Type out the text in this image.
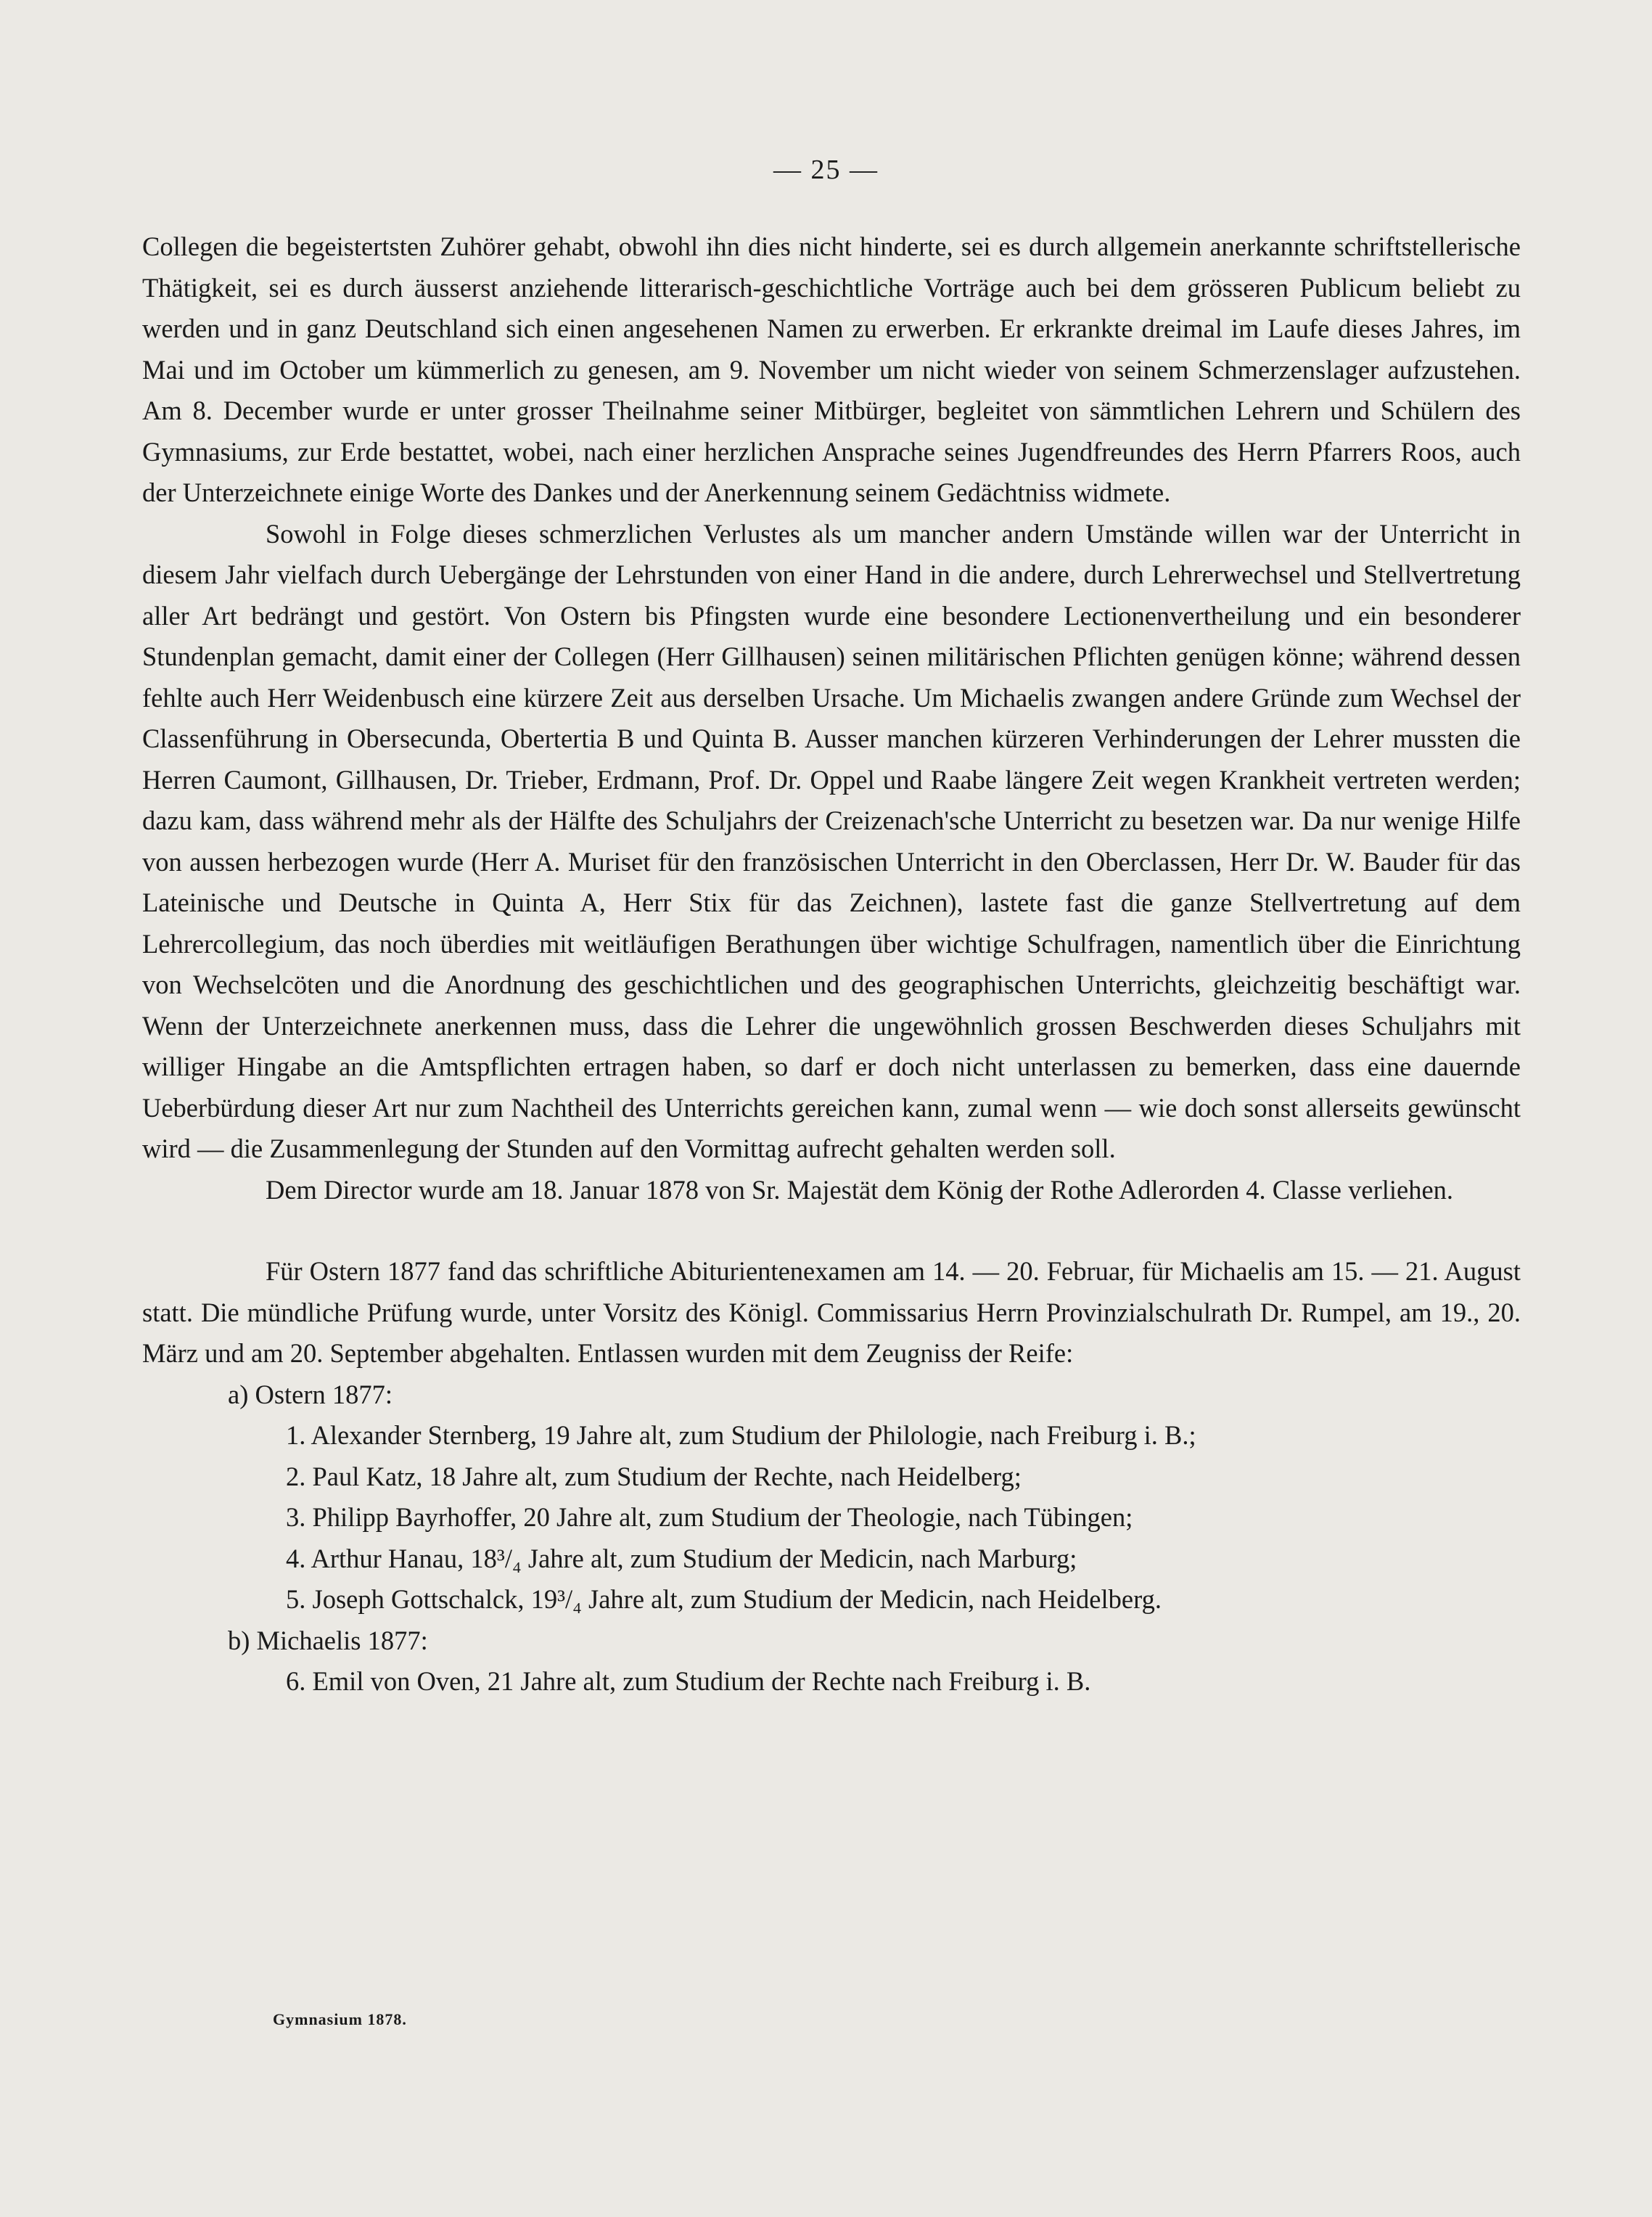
— 25 —

Collegen die begeistertsten Zuhörer gehabt, obwohl ihn dies nicht hinderte, sei es durch allgemein anerkannte schriftstellerische Thätigkeit, sei es durch äusserst anziehende litterarisch-geschichtliche Vorträge auch bei dem grösseren Publicum beliebt zu werden und in ganz Deutschland sich einen angesehenen Namen zu erwerben. Er erkrankte dreimal im Laufe dieses Jahres, im Mai und im October um kümmerlich zu genesen, am 9. November um nicht wieder von seinem Schmerzenslager aufzustehen. Am 8. December wurde er unter grosser Theilnahme seiner Mitbürger, begleitet von sämmtlichen Lehrern und Schülern des Gymnasiums, zur Erde bestattet, wobei, nach einer herzlichen Ansprache seines Jugendfreundes des Herrn Pfarrers Roos, auch der Unterzeichnete einige Worte des Dankes und der Anerkennung seinem Gedächtniss widmete.

Sowohl in Folge dieses schmerzlichen Verlustes als um mancher andern Umstände willen war der Unterricht in diesem Jahr vielfach durch Uebergänge der Lehrstunden von einer Hand in die andere, durch Lehrerwechsel und Stellvertretung aller Art bedrängt und gestört. Von Ostern bis Pfingsten wurde eine besondere Lectionenvertheilung und ein besonderer Stundenplan gemacht, damit einer der Collegen (Herr Gillhausen) seinen militärischen Pflichten genügen könne; während dessen fehlte auch Herr Weidenbusch eine kürzere Zeit aus derselben Ursache. Um Michaelis zwangen andere Gründe zum Wechsel der Classenführung in Obersecunda, Obertertia B und Quinta B. Ausser manchen kürzeren Verhinderungen der Lehrer mussten die Herren Caumont, Gillhausen, Dr. Trieber, Erdmann, Prof. Dr. Oppel und Raabe längere Zeit wegen Krankheit vertreten werden; dazu kam, dass während mehr als der Hälfte des Schuljahrs der Creizenach'sche Unterricht zu besetzen war. Da nur wenige Hilfe von aussen herbezogen wurde (Herr A. Muriset für den französischen Unterricht in den Oberclassen, Herr Dr. W. Bauder für das Lateinische und Deutsche in Quinta A, Herr Stix für das Zeichnen), lastete fast die ganze Stellvertretung auf dem Lehrercollegium, das noch überdies mit weitläufigen Berathungen über wichtige Schulfragen, namentlich über die Einrichtung von Wechselcöten und die Anordnung des geschichtlichen und des geographischen Unterrichts, gleichzeitig beschäftigt war. Wenn der Unterzeichnete anerkennen muss, dass die Lehrer die ungewöhnlich grossen Beschwerden dieses Schuljahrs mit williger Hingabe an die Amtspflichten ertragen haben, so darf er doch nicht unterlassen zu bemerken, dass eine dauernde Ueberbürdung dieser Art nur zum Nachtheil des Unterrichts gereichen kann, zumal wenn — wie doch sonst allerseits gewünscht wird — die Zusammenlegung der Stunden auf den Vormittag aufrecht gehalten werden soll.

Dem Director wurde am 18. Januar 1878 von Sr. Majestät dem König der Rothe Adlerorden 4. Classe verliehen.

Für Ostern 1877 fand das schriftliche Abiturientenexamen am 14. — 20. Februar, für Michaelis am 15. — 21. August statt. Die mündliche Prüfung wurde, unter Vorsitz des Königl. Commissarius Herrn Provinzialschulrath Dr. Rumpel, am 19., 20. März und am 20. September abgehalten. Entlassen wurden mit dem Zeugniss der Reife:

a) Ostern 1877:
1. Alexander Sternberg, 19 Jahre alt, zum Studium der Philologie, nach Freiburg i. B.;
2. Paul Katz, 18 Jahre alt, zum Studium der Rechte, nach Heidelberg;
3. Philipp Bayrhoffer, 20 Jahre alt, zum Studium der Theologie, nach Tübingen;
4. Arthur Hanau, 18³/₄ Jahre alt, zum Studium der Medicin, nach Marburg;
5. Joseph Gottschalck, 19³/₄ Jahre alt, zum Studium der Medicin, nach Heidelberg.
b) Michaelis 1877:
6. Emil von Oven, 21 Jahre alt, zum Studium der Rechte nach Freiburg i. B.
Gymnasium 1878.
